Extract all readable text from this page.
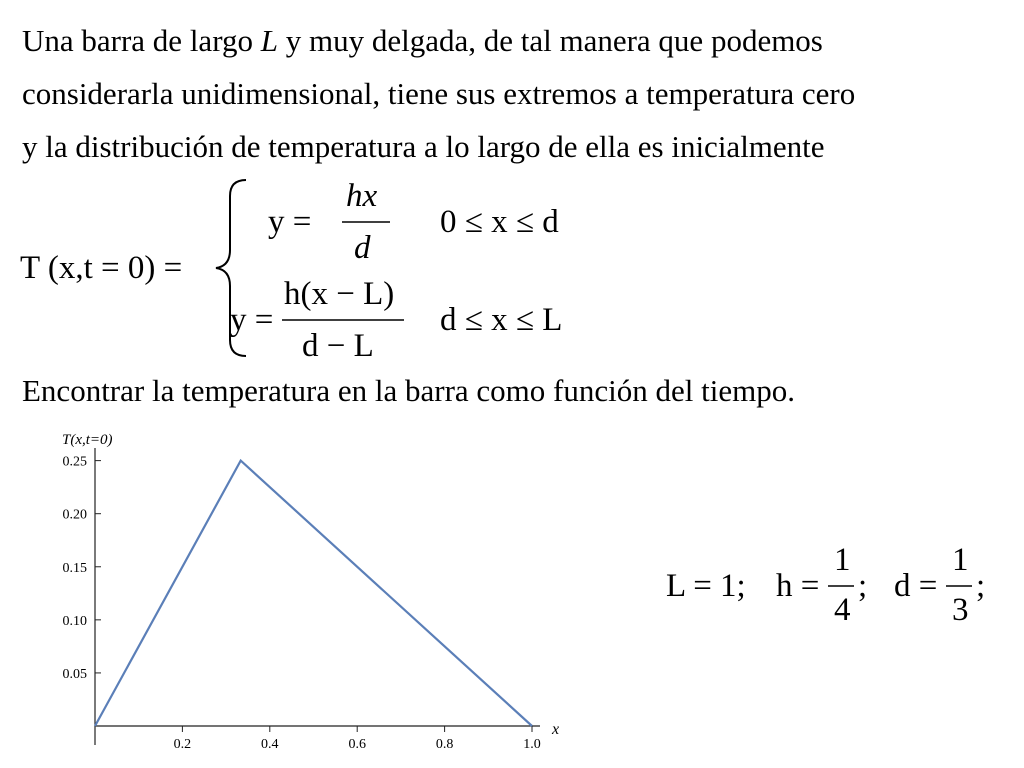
Una barra de largo L y muy delgada, de tal manera que podemos
considerarla unidimensional, tiene sus extremos a temperatura cero
y la distribución de temperatura a lo largo de ella es inicialmente

T (x,t = 0) =
y =
hx
d
0 ≤ x ≤ d
y =
h(x − L)
d − L
d ≤ x ≤ L

Encontrar la temperatura en la barra como función del tiempo.

T(x,t=0)
0.05
0.10
0.15
0.20
0.25
0.2	0.4	0.6	0.8	1.0
x
L = 1; h =
1
4
; d =
1
3
;
